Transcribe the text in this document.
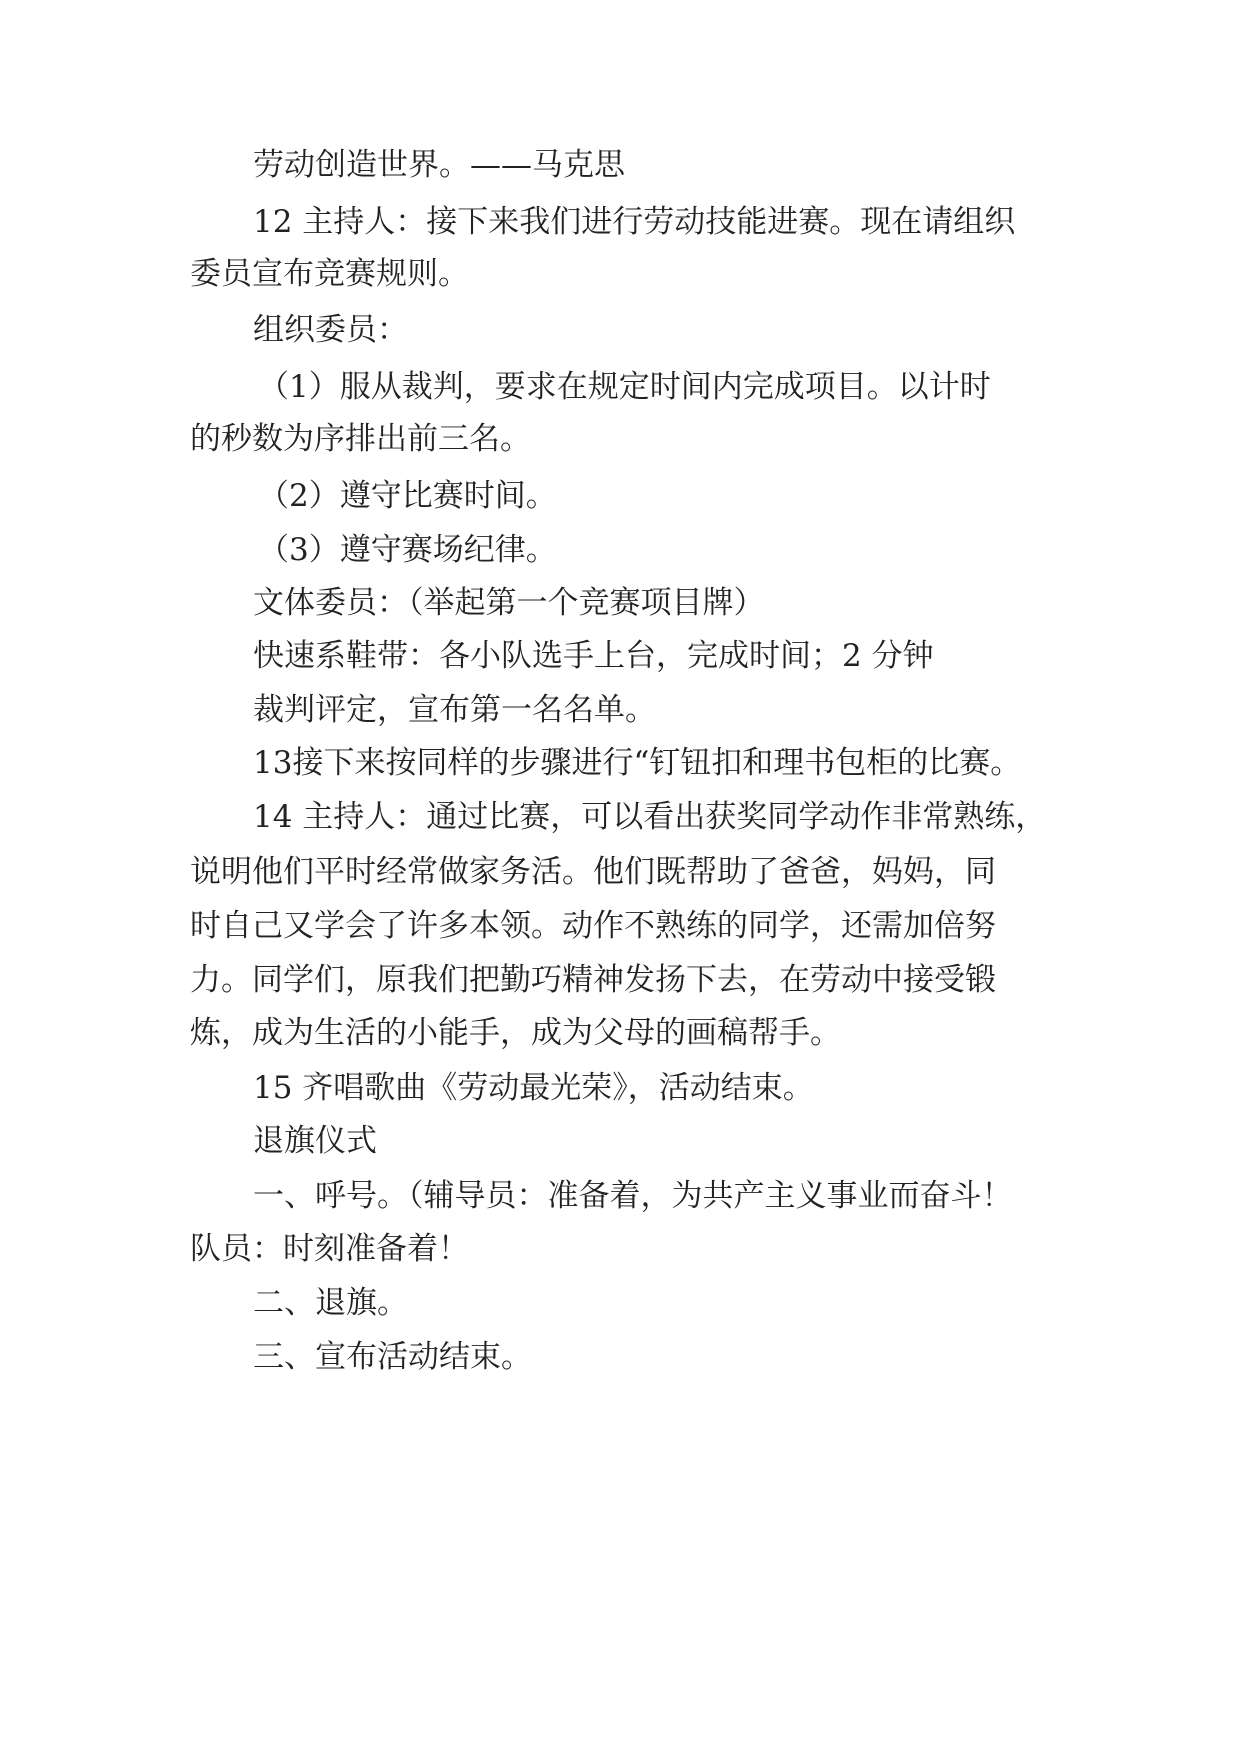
劳动创造世界。——马克思

12 主持人：接下来我们进行劳动技能进赛。现在请组织

委员宣布竞赛规则。

组织委员：

（1）服从裁判，要求在规定时间内完成项目。以计时

的秒数为序排出前三名。

（2）遵守比赛时间。

（3）遵守赛场纪律。

文体委员：（举起第一个竞赛项目牌）

快速系鞋带：各小队选手上台，完成时间；2 分钟

裁判评定，宣布第一名名单。

13接下来按同样的步骤进行“钉钮扣和理书包柜的比赛。

14 主持人：通过比赛，可以看出获奖同学动作非常熟练，

说明他们平时经常做家务活。他们既帮助了爸爸，妈妈，同

时自己又学会了许多本领。动作不熟练的同学，还需加倍努

力。同学们，原我们把勤巧精神发扬下去，在劳动中接受锻

炼，成为生活的小能手，成为父母的画稿帮手。

15 齐唱歌曲《劳动最光荣》，活动结束。

退旗仪式

一、呼号。（辅导员：准备着，为共产主义事业而奋斗！

队员：时刻准备着！

二、退旗。

三、宣布活动结束。
